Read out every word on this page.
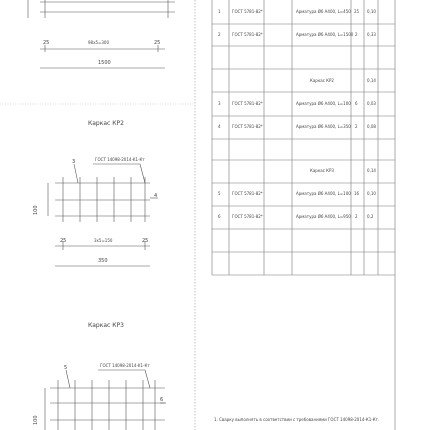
25	98x5=300	25
1500
Каркас КР2
ГОСТ 14098-2014-K1-Кт
3
4
100
25	3x5=150	25
350
Каркас КР3
ГОСТ 14098-2014-K1-Кт
5
6
100
1	ГОСТ 5781-82*	Арматура Ø6 A400, L=450 25 0,10
2	ГОСТ 5781-82*	Арматура Ø6 A400, L=1500 2 0,33
Каркас КР2	0,14
3	ГОСТ 5781-82*	Арматура Ø6 A400, L=100 6 0,03
4	ГОСТ 5781-82*	Арматура Ø6 A400, L=350 2 0,08
Каркас КР3	0,14
5	ГОСТ 5781-82*	Арматура Ø6 A400, L=100 16 0,10
6	ГОСТ 5781-82*	Арматура Ø6 A400, L=950 2 0,2
1. Сварку выполнять в соответствии с требованиями ГОСТ 14098-2014-К1-Кт.
